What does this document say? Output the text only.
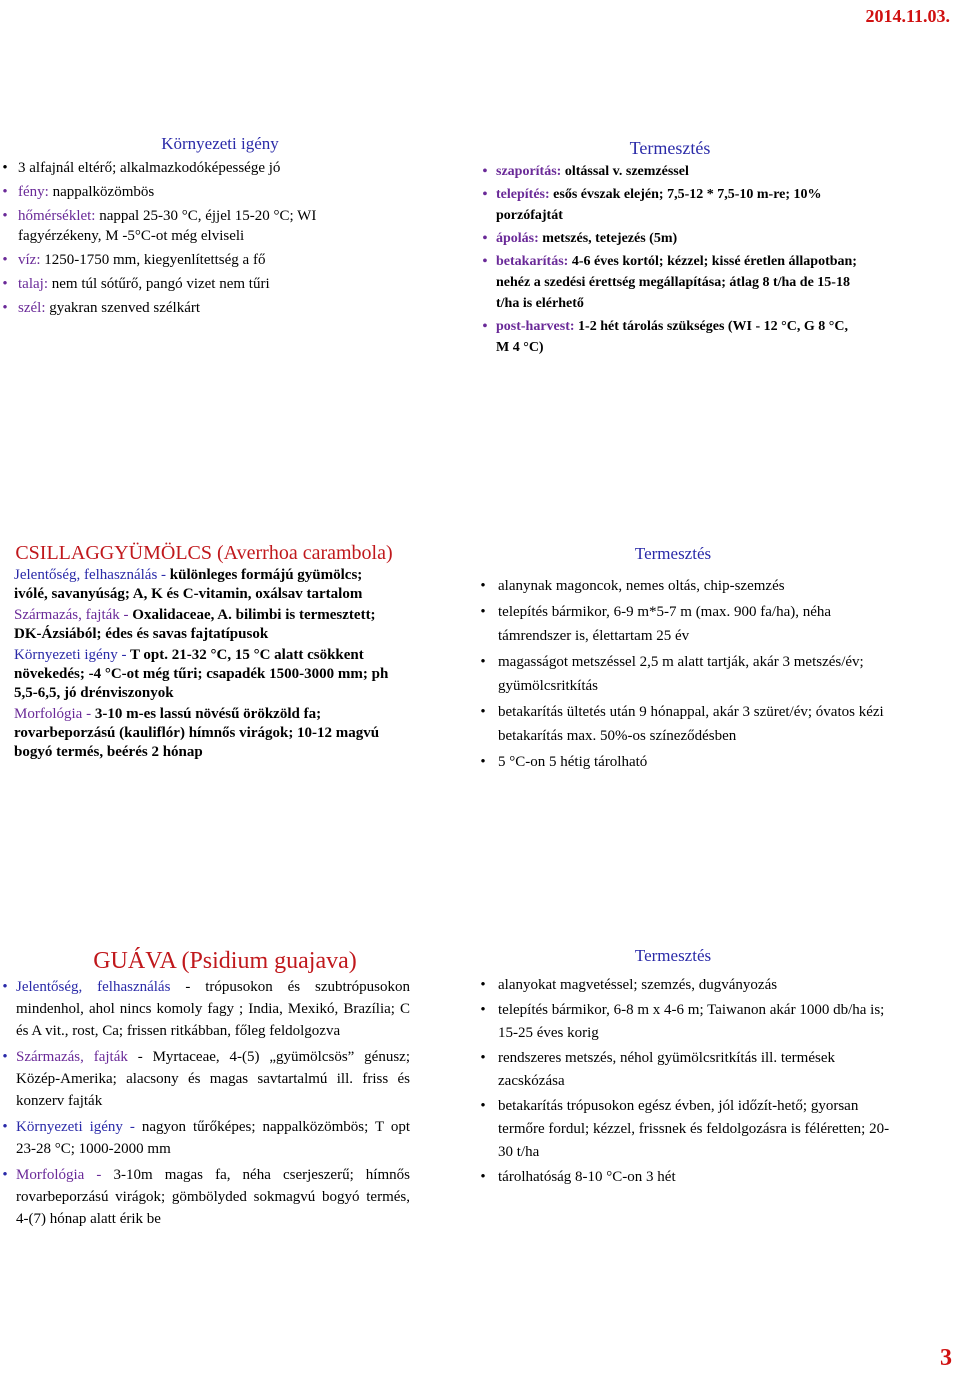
2014.11.03.
Környezeti igény
• 3 alfajnál eltérő; alkalmazkodóképessége jó
• fény: nappalközömbös
• hőmérséklet: nappal 25-30 °C, éjjel 15-20 °C; WI fagyérzékeny, M -5°C-ot még elviseli
• víz: 1250-1750 mm, kiegyenlítettség a fő
• talaj: nem túl sótűrő, pangó vizet nem tűri
• szél: gyakran szenved szélkárt
Termesztés
• szaporítás: oltással v. szemzéssel
• telepítés: esős évszak elején; 7,5-12 * 7,5-10 m-re; 10% porzófajtát
• ápolás: metszés, tetejezés (5m)
• betakarítás: 4-6 éves kortól; kézzel; kissé éretlen állapotban; nehéz a szedési érettség megállapítása; átlag 8 t/ha de 15-18 t/ha is elérhető
• post-harvest: 1-2 hét tárolás szükséges (WI - 12 °C, G 8 °C, M 4 °C)
CSILLAGGYÜMÖLCS (Averrhoa carambola)

Jelentőség, felhasználás - különleges formájú gyümölcs; ivólé, savanyúság; A, K és C-vitamin, oxálsav tartalom

Származás, fajták - Oxalidaceae, A. bilimbi is termesztett; DK-Ázsiából; édes és savas fajtatípusok

Környezeti igény - T opt. 21-32 °C, 15 °C alatt csökkent növekedés; -4 °C-ot még tűri; csapadék 1500-3000 mm; ph 5,5-6,5, jó drénviszonyok

Morfológia - 3-10 m-es lassú növésű örökzöld fa; rovarbeporzású (kauliflór) hímnős virágok; 10-12 magvú bogyó termés, beérés 2 hónap

Termesztés
• alanynak magoncok, nemes oltás, chip-szemzés
• telepítés bármikor, 6-9 m*5-7 m (max. 900 fa/ha), néha támrendszer is, élettartam 25 év
• magasságot metszéssel 2,5 m alatt tartják, akár 3 metszés/év; gyümölcsritkítás
• betakarítás ültetés után 9 hónappal, akár 3 szüret/év; óvatos kézi betakarítás max. 50%-os színeződésben
• 5 °C-on 5 hétig tárolható
GUÁVA (Psidium guajava)
• Jelentőség, felhasználás - trópusokon és szubtrópusokon mindenhol, ahol nincs komoly fagy ; India, Mexikó, Brazília; C és A vit., rost, Ca; frissen ritkábban, főleg feldolgozva
• Származás, fajták - Myrtaceae, 4-(5) „gyümölcsös” génusz; Közép-Amerika; alacsony és magas savtartalmú ill. friss és konzerv fajták
• Környezeti igény - nagyon tűrőképes; nappalközömbös; T opt 23-28 °C; 1000-2000 mm
• Morfológia - 3-10m magas fa, néha cserjeszerű; hímnős rovarbeporzású virágok; gömbölyded sokmagvú bogyó termés, 4-(7) hónap alatt érik be
Termesztés
• alanyokat magvetéssel; szemzés, dugványozás
• telepítés bármikor, 6-8 m x 4-6 m; Taiwanon akár 1000 db/ha is; 15-25 éves korig
• rendszeres metszés, néhol gyümölcsritkítás ill. termések zacskózása
• betakarítás trópusokon egész évben, jól időzít-hető; gyorsan termőre fordul; kézzel, frissnek és feldolgozásra is féléretten; 20-30 t/ha
• tárolhatóság 8-10 °C-on 3 hét
3
